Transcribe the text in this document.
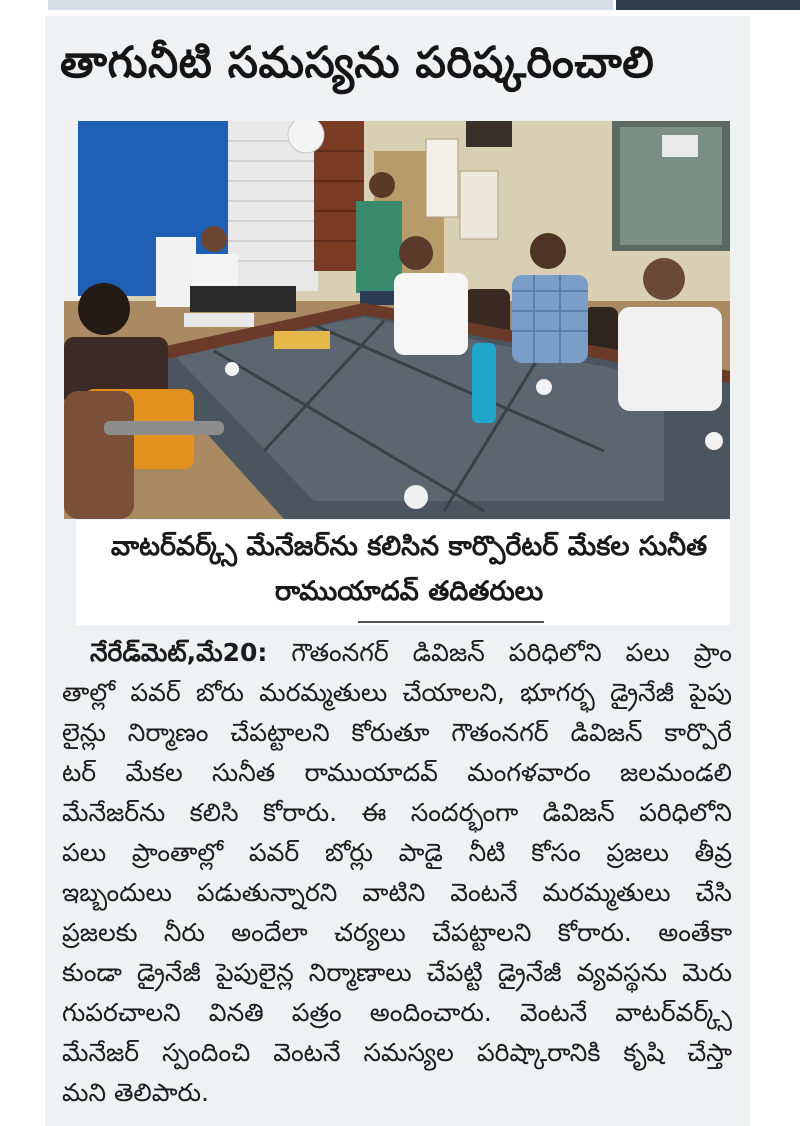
తాగునీటి సమస్యను పరిష్కరించాలి
వాటర్‌వర్క్స్‌ మేనేజర్‌ను కలిసిన కార్పొరేటర్‌ మేకల సునీత
రాముయాదవ్‌ తదితరులు

నేరేడ్‌మెట్‌,మే20: గౌతంనగర్‌ డివిజన్‌ పరిధిలోని పలు ప్రాం

తాల్లో పవర్‌ బోరు మరమ్మతులు చేయాలని, భూగర్భ డ్రైనేజీ పైపు

లైన్లు నిర్మాణం చేపట్టాలని కోరుతూ గౌతంనగర్‌ డివిజన్‌ కార్పొరే

టర్‌ మేకల సునీత రాముయాదవ్‌ మంగళవారం జలమండలి

మేనేజర్‌ను కలిసి కోరారు. ఈ సందర్భంగా డివిజన్‌ పరిధిలోని

పలు ప్రాంతాల్లో పవర్‌ బోర్లు పాడై నీటి కోసం ప్రజలు తీవ్ర

ఇబ్బందులు పడుతున్నారని వాటిని వెంటనే మరమ్మతులు చేసి

ప్రజలకు నీరు అందేలా చర్యలు చేపట్టాలని కోరారు. అంతేకా

కుండా డ్రైనేజీ పైపులైన్ల నిర్మాణాలు చేపట్టి డ్రైనేజీ వ్యవస్థను మెరు

గుపరచాలని వినతి పత్రం అందించారు. వెంటనే వాటర్‌వర్క్స్‌

మేనేజర్‌ స్పందించి వెంటనే సమస్యల పరిష్కారానికి కృషి చేస్తా

మని తెలిపారు.
